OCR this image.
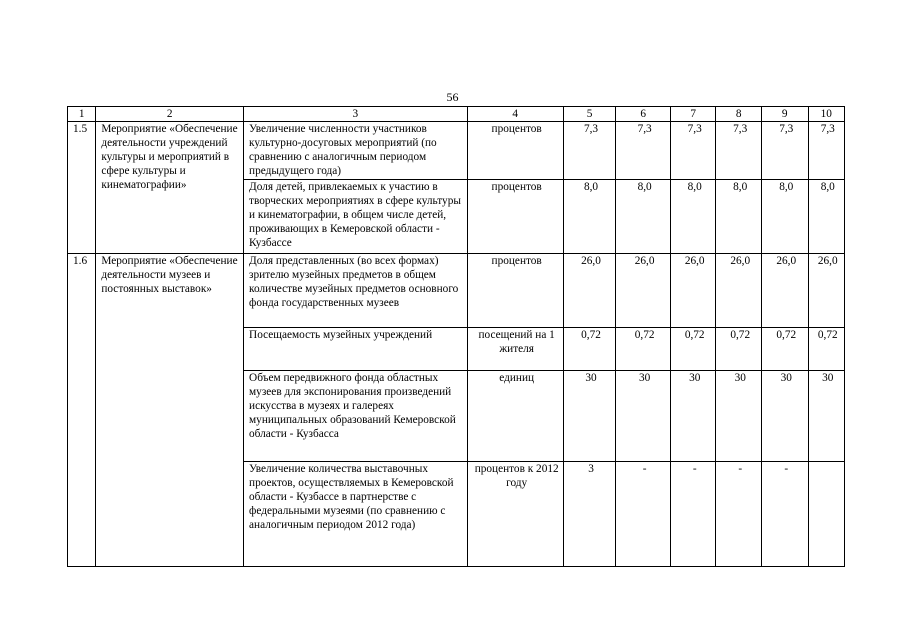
56
1	2	3	4	5	6	7	8	9	10
1.5	Мероприятие «Обеспечение деятельности учреждений культуры и мероприятий в сфере культуры и кинематографии»	Увеличение численности участников культурно-досуговых мероприятий (по сравнению с аналогичным периодом предыдущего года)	процентов	7,3	7,3	7,3	7,3	7,3	7,3
		Доля детей, привлекаемых к участию в творческих мероприятиях в сфере культуры и кинематографии, в общем числе детей, проживающих в Кемеровской области - Кузбассе	процентов	8,0	8,0	8,0	8,0	8,0	8,0
1.6	Мероприятие «Обеспечение деятельности музеев и постоянных выставок»	Доля представленных (во всех формах) зрителю музейных предметов в общем количестве музейных предметов основного фонда государственных музеев	процентов	26,0	26,0	26,0	26,0	26,0	26,0
		Посещаемость музейных учреждений	посещений на 1 жителя	0,72	0,72	0,72	0,72	0,72	0,72
		Объем передвижного фонда областных музеев для экспонирования произведений искусства в музеях и галереях муниципальных образований Кемеровской области - Кузбасса	единиц	30	30	30	30	30	30
		Увеличение количества выставочных проектов, осуществляемых в Кемеровской области - Кузбассе в партнерстве с федеральными музеями (по сравнению с аналогичным периодом 2012 года)	процентов к 2012 году	3	-	-	-	-	
